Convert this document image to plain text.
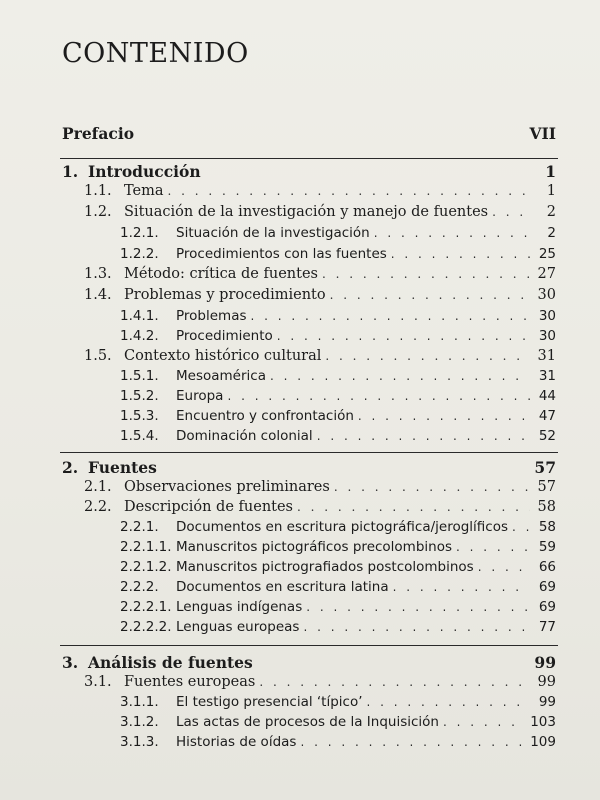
CONTENIDO
Prefacio	VII
1. Introducción	1
1.1. Tema . . .	1
1.2. Situación de la investigación y manejo de fuentes . . .	2
1.2.1.	Situación de la investigación . . .	2
1.2.2.	Procedimientos con las fuentes . . .	25
1.3. Método: crítica de fuentes . . .	27
1.4. Problemas y procedimiento . . .	30
1.4.1.	Problemas . . .	30
1.4.2.	Procedimiento . . .	30
1.5. Contexto histórico cultural . . .	31
1.5.1.	Mesoamérica . . .	31
1.5.2.	Europa . . .	44
1.5.3.	Encuentro y confrontación . . .	47
1.5.4.	Dominación colonial . . .	52
2. Fuentes	57
2.1. Observaciones preliminares . . .	57
2.2. Descripción de fuentes . . .	58
2.2.1.	Documentos en escritura pictográfica/jeroglíficos . . .	58
2.2.1.1. Manuscritos pictográficos precolombinos . . .	59
2.2.1.2. Manuscritos pictrografiados postcolombinos . . .	66
2.2.2.	Documentos en escritura latina . . .	69
2.2.2.1. Lenguas indígenas . . .	69
2.2.2.2. Lenguas europeas . . .	77
3. Análisis de fuentes	99
3.1. Fuentes europeas . . .	99
3.1.1.	El testigo presencial ‘típico’ . . .	99
3.1.2.	Las actas de procesos de la Inquisición . . .	103
3.1.3.	Historias de oídas . . .	109
